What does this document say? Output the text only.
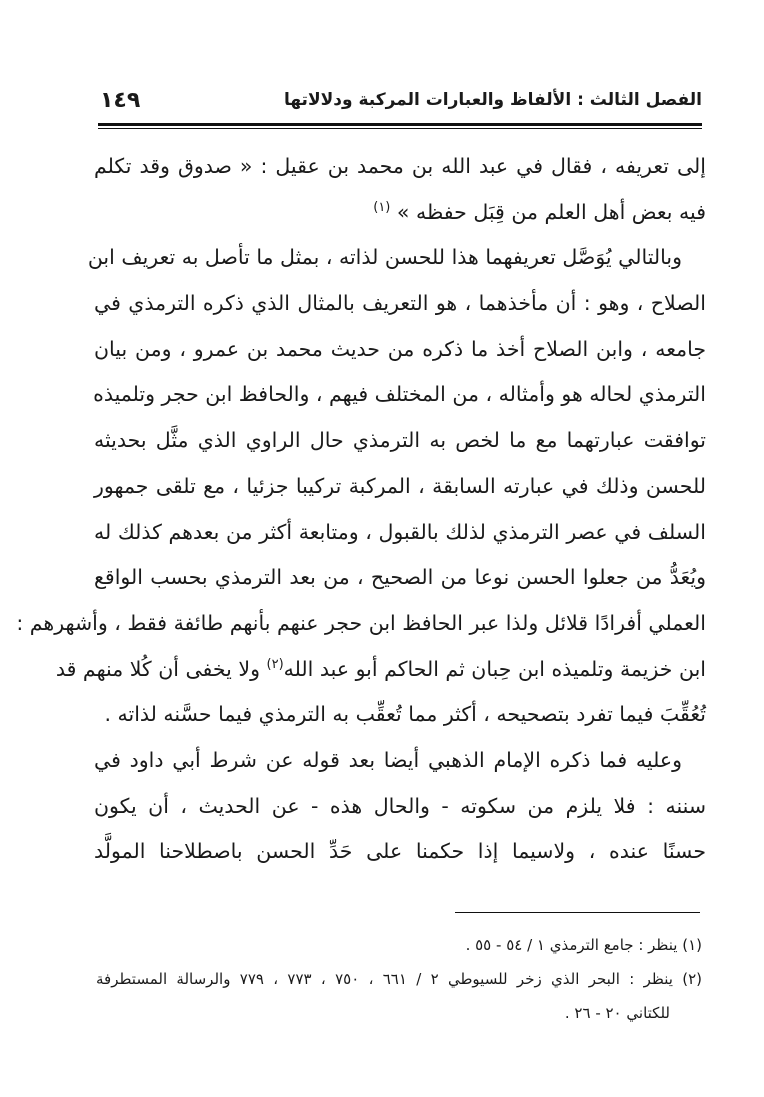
الفصل الثالث : الألفاظ والعبارات المركبة ودلالاتها
١٤٩
إلى تعريفه ، فقال في عبد الله بن محمد بن عقيل : « صدوق وقد تكلم
فيه بعض أهل العلم من قِبَل حفظه » $^{(١)}$
وبالتالي يُوَصَّل تعريفهما هذا للحسن لذاته ، بمثل ما تأصل به تعريف ابن
الصلاح ، وهو : أن مأخذهما ، هو التعريف بالمثال الذي ذكره الترمذي في
جامعه ، وابن الصلاح أخذ ما ذكره من حديث محمد بن عمرو ، ومن بيان
الترمذي لحاله هو وأمثاله ، من المختلف فيهم ، والحافظ ابن حجر وتلميذه
توافقت عبارتهما مع ما لخص به الترمذي حال الراوي الذي مثَّل بحديثه
للحسن وذلك في عبارته السابقة ، المركبة تركيبا جزئيا ، مع تلقى جمهور
السلف في عصر الترمذي لذلك بالقبول ، ومتابعة أكثر من بعدهم كذلك له
ويُعَدُّ من جعلوا الحسن نوعا من الصحيح ، من بعد الترمذي بحسب الواقع
العملي أفرادًا قلائل ولذا عبر الحافظ ابن حجر عنهم بأنهم طائفة فقط ، وأشهرهم :
ابن خزيمة وتلميذه ابن حِبان ثم الحاكم أبو عبد الله$^{(٢)}$ ولا يخفى أن كُلا منهم قد
تُعُقِّبَ فيما تفرد بتصحيحه ، أكثر مما تُعقِّب به الترمذي فيما حسَّنه لذاته .
وعليه فما ذكره الإمام الذهبي أيضا بعد قوله عن شرط أبي داود في
سننه : فلا يلزم من سكوته - والحال هذه - عن الحديث ، أن يكون
حسنًا عنده ، ولاسيما إذا حكمنا على حَدِّ الحسن باصطلاحنا المولَّد
(١) ينظر : جامع الترمذي ١ / ٥٤ - ٥٥ .
(٢) ينظر : البحر الذي زخر للسيوطي ٢ / ٦٦١ ، ٧٥٠ ، ٧٧٣ ، ٧٧٩ والرسالة المستطرفة
للكتاني ٢٠ - ٢٦ .
